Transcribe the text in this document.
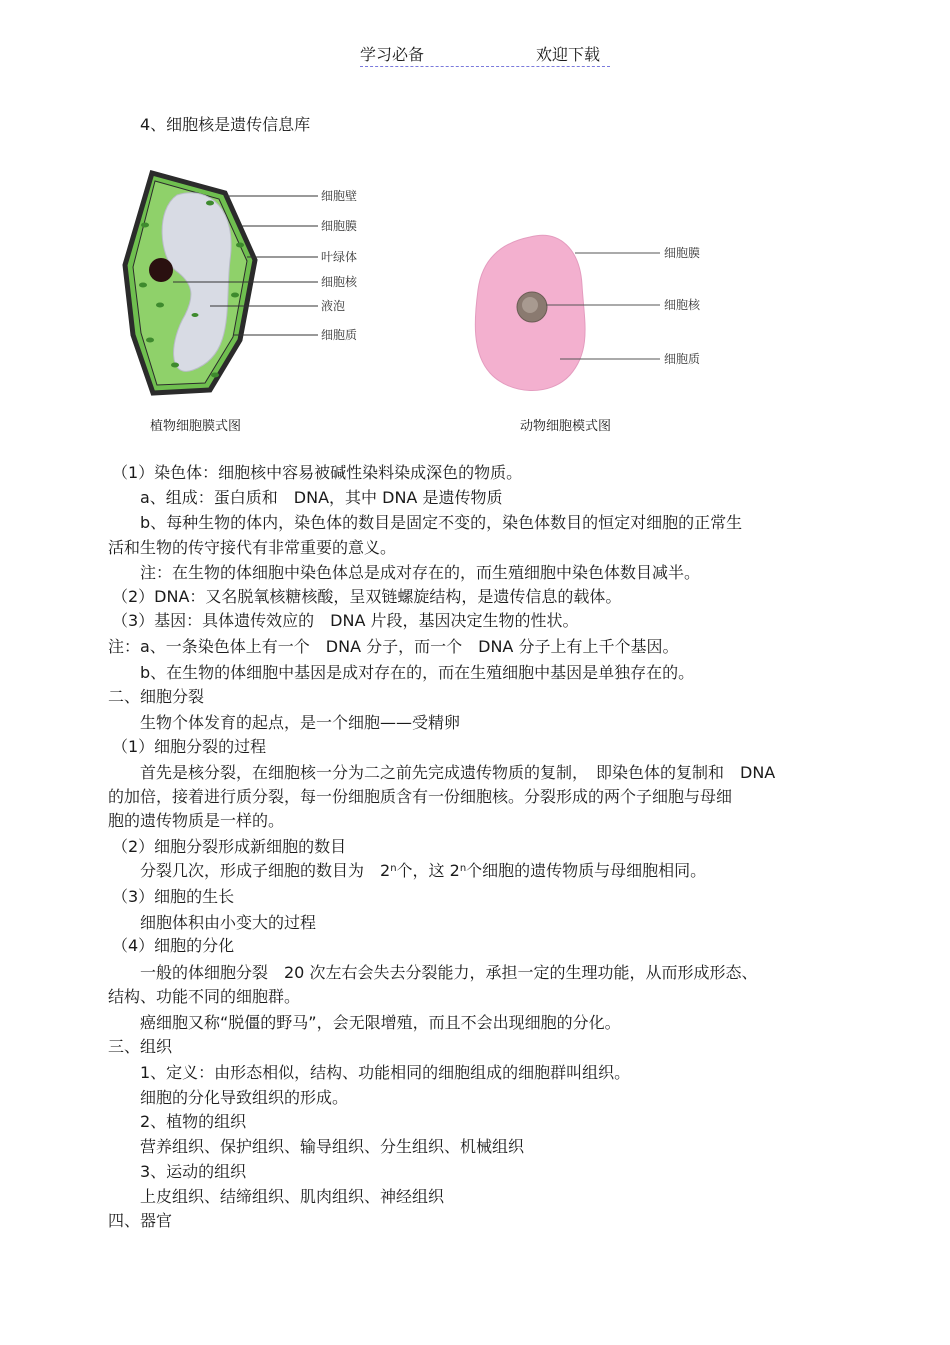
学习必备	欢迎下载
4、细胞核是遗传信息库
细胞壁
细胞膜
叶绿体
细胞核
液泡
细胞质
植物细胞膜式图
细胞膜
细胞核
细胞质
动物细胞模式图
（1）染色体：细胞核中容易被碱性染料染成深色的物质。
a、组成：蛋白质和　DNA，其中 DNA 是遗传物质
b、每种生物的体内，染色体的数目是固定不变的，染色体数目的恒定对细胞的正常生
活和生物的传守接代有非常重要的意义。
注：在生物的体细胞中染色体总是成对存在的，而生殖细胞中染色体数目减半。
（2）DNA：又名脱氧核糖核酸，呈双链螺旋结构，是遗传信息的载体。
（3）基因：具体遗传效应的　DNA 片段，基因决定生物的性状。
注：a、一条染色体上有一个　DNA 分子，而一个　DNA 分子上有上千个基因。
b、在生物的体细胞中基因是成对存在的，而在生殖细胞中基因是单独存在的。
二、细胞分裂
生物个体发育的起点，是一个细胞——受精卵
（1）细胞分裂的过程
首先是核分裂，在细胞核一分为二之前先完成遗传物质的复制，　即染色体的复制和　DNA
的加倍，接着进行质分裂，每一份细胞质含有一份细胞核。分裂形成的两个子细胞与母细
胞的遗传物质是一样的。
（2）细胞分裂形成新细胞的数目
分裂几次，形成子细胞的数目为　2$^n$个，这 2$^n$个细胞的遗传物质与母细胞相同。
（3）细胞的生长
细胞体积由小变大的过程
（4）细胞的分化
一般的体细胞分裂　20 次左右会失去分裂能力，承担一定的生理功能，从而形成形态、
结构、功能不同的细胞群。
癌细胞又称“脱僵的野马”，会无限增殖，而且不会出现细胞的分化。
三、组织
1、定义：由形态相似，结构、功能相同的细胞组成的细胞群叫组织。
细胞的分化导致组织的形成。
2、植物的组织
营养组织、保护组织、输导组织、分生组织、机械组织
3、运动的组织
上皮组织、结缔组织、肌肉组织、神经组织
四、器官
